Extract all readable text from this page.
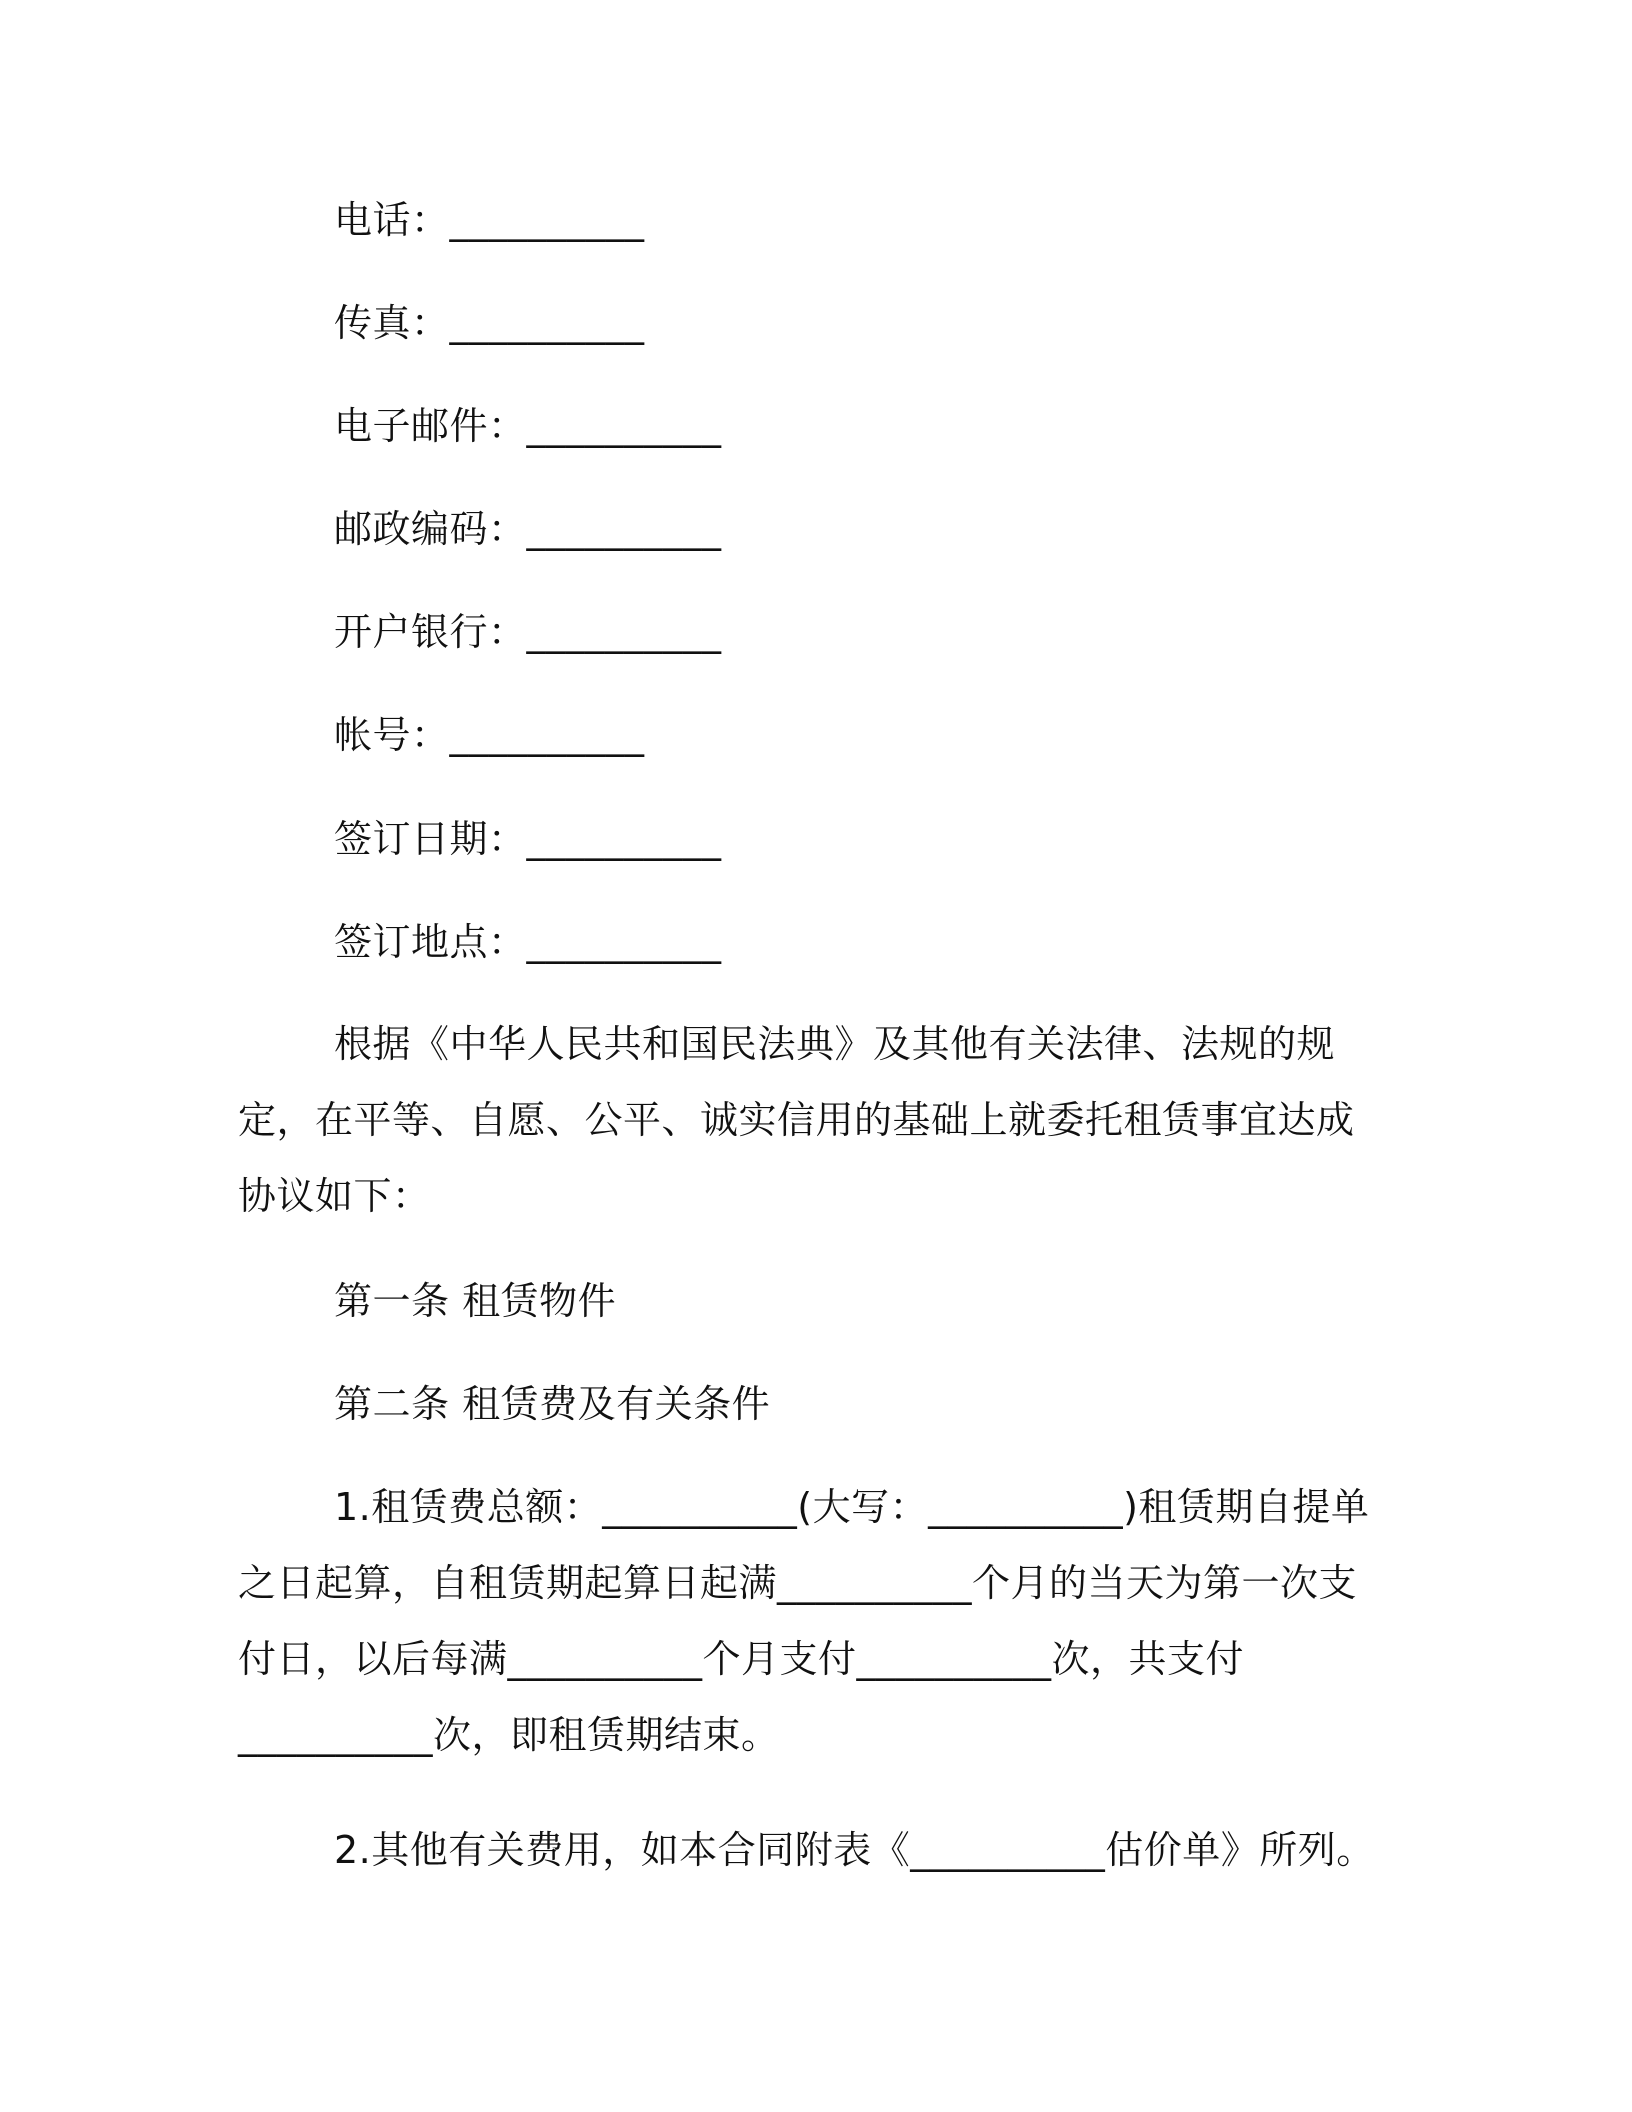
电话：__________
传真：__________
电子邮件：__________
邮政编码：__________
开户银行：__________
帐号：__________
签订日期：__________
签订地点：__________

根据《中华人民共和国民法典》及其他有关法律、法规的规定，在平等、自愿、公平、诚实信用的基础上就委托租赁事宜达成协议如下：

第一条 租赁物件
第二条 租赁费及有关条件

1.租赁费总额：__________(大写：__________)租赁期自提单之日起算，自租赁期起算日起满__________个月的当天为第一次支付日，以后每满__________个月支付__________次，共支付__________次，即租赁期结束。

2.其他有关费用，如本合同附表《__________估价单》所列。
